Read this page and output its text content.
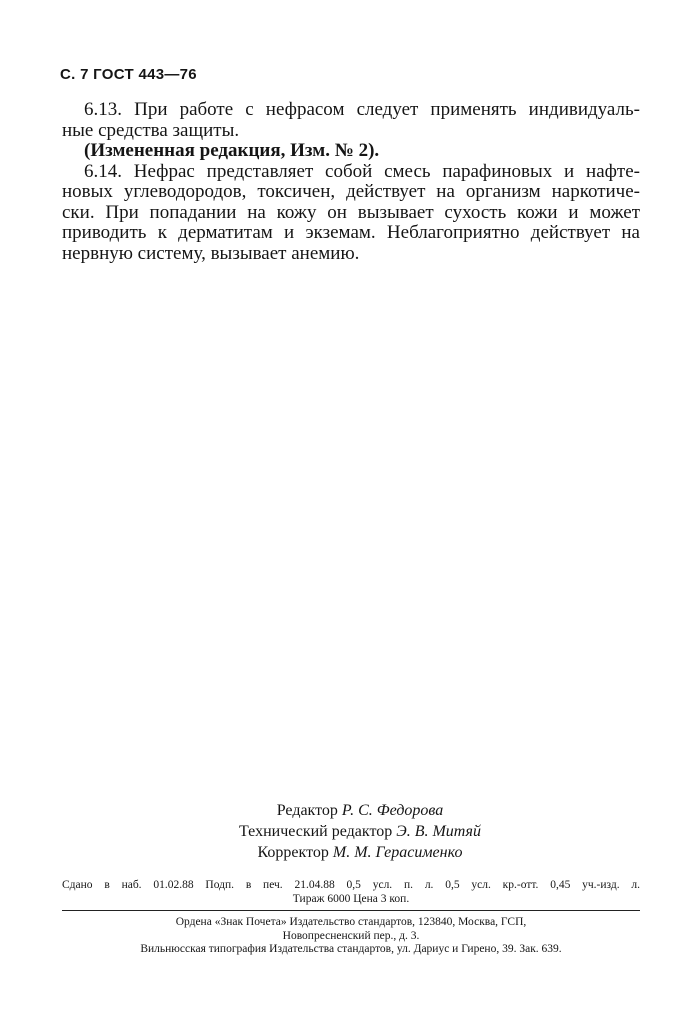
С. 7 ГОСТ 443—76
6.13. При работе с нефрасом следует применять индивидуаль-
ные средства защиты.
(Измененная редакция, Изм. № 2).
6.14. Нефрас представляет собой смесь парафиновых и нафте-
новых углеводородов, токсичен, действует на организм наркотиче-
ски. При попадании на кожу он вызывает сухость кожи и может
приводить к дерматитам и экземам. Неблагоприятно действует на
нервную систему, вызывает анемию.
Редактор Р. С. Федорова
Технический редактор Э. В. Митяй
Корректор М. М. Герасименко
Сдано в наб. 01.02.88 Подп. в печ. 21.04.88 0,5 усл. п. л. 0,5 усл. кр.-отт. 0,45 уч.-изд. л.
Тираж 6000 Цена 3 коп.
Ордена «Знак Почета» Издательство стандартов, 123840, Москва, ГСП,
Новопресненский пер., д. 3.
Вильнюсская типография Издательства стандартов, ул. Дариус и Гирено, 39. Зак. 639.
